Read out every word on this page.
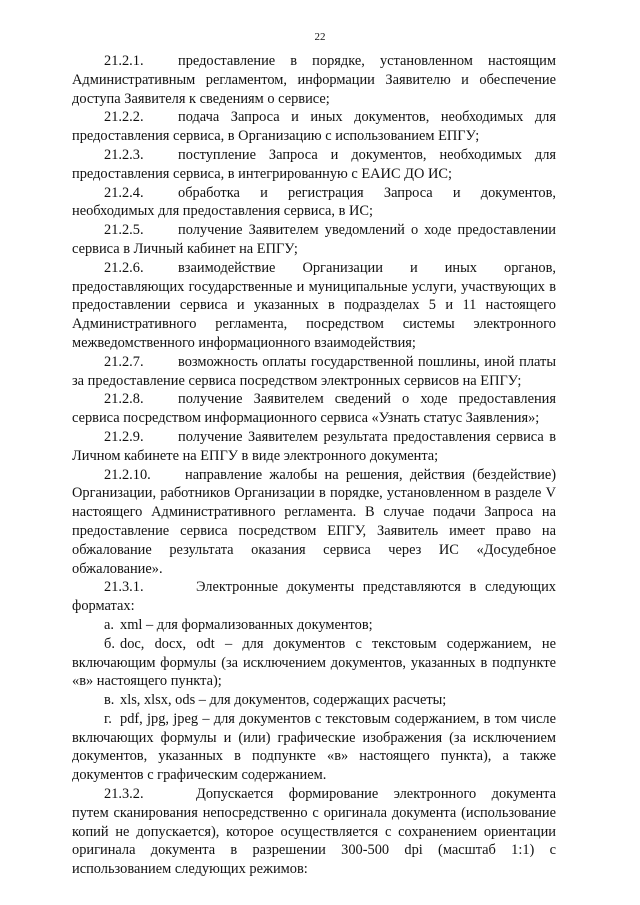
22

21.2.1. предоставление в порядке, установленном настоящим Административным регламентом, информации Заявителю и обеспечение доступа Заявителя к сведениям о сервисе;

21.2.2. подача Запроса и иных документов, необходимых для предоставления сервиса, в Организацию с использованием ЕПГУ;

21.2.3. поступление Запроса и документов, необходимых для предоставления сервиса, в интегрированную с ЕАИС ДО ИС;

21.2.4. обработка и регистрация Запроса и документов, необходимых для предоставления сервиса, в ИС;

21.2.5. получение Заявителем уведомлений о ходе предоставлении сервиса в Личный кабинет на ЕПГУ;

21.2.6. взаимодействие Организации и иных органов, предоставляющих государственные и муниципальные услуги, участвующих в предоставлении сервиса и указанных в подразделах 5 и 11 настоящего Административного регламента, посредством системы электронного межведомственного информационного взаимодействия;

21.2.7. возможность оплаты государственной пошлины, иной платы за предоставление сервиса посредством электронных сервисов на ЕПГУ;

21.2.8. получение Заявителем сведений о ходе предоставления сервиса посредством информационного сервиса «Узнать статус Заявления»;

21.2.9. получение Заявителем результата предоставления сервиса в Личном кабинете на ЕПГУ в виде электронного документа;

21.2.10. направление жалобы на решения, действия (бездействие) Организации, работников Организации в порядке, установленном в разделе V настоящего Административного регламента. В случае подачи Запроса на предоставление сервиса посредством ЕПГУ, Заявитель имеет право на обжалование результата оказания сервиса через ИС «Досудебное обжалование».

21.3.1.	Электронные документы представляются в следующих форматах:

а. xml – для формализованных документов;

б. doc, docx, odt – для документов с текстовым содержанием, не включающим формулы (за исключением документов, указанных в подпункте «в» настоящего пункта);

в. xls, xlsx, ods – для документов, содержащих расчеты;

г. pdf, jpg, jpeg – для документов с текстовым содержанием, в том числе включающих формулы и (или) графические изображения (за исключением документов, указанных в подпункте «в» настоящего пункта), а также документов с графическим содержанием.

21.3.2.	Допускается формирование электронного документа путем сканирования непосредственно с оригинала документа (использование копий не допускается), которое осуществляется с сохранением ориентации оригинала документа в разрешении 300-500 dpi (масштаб 1:1) с использованием следующих режимов:
